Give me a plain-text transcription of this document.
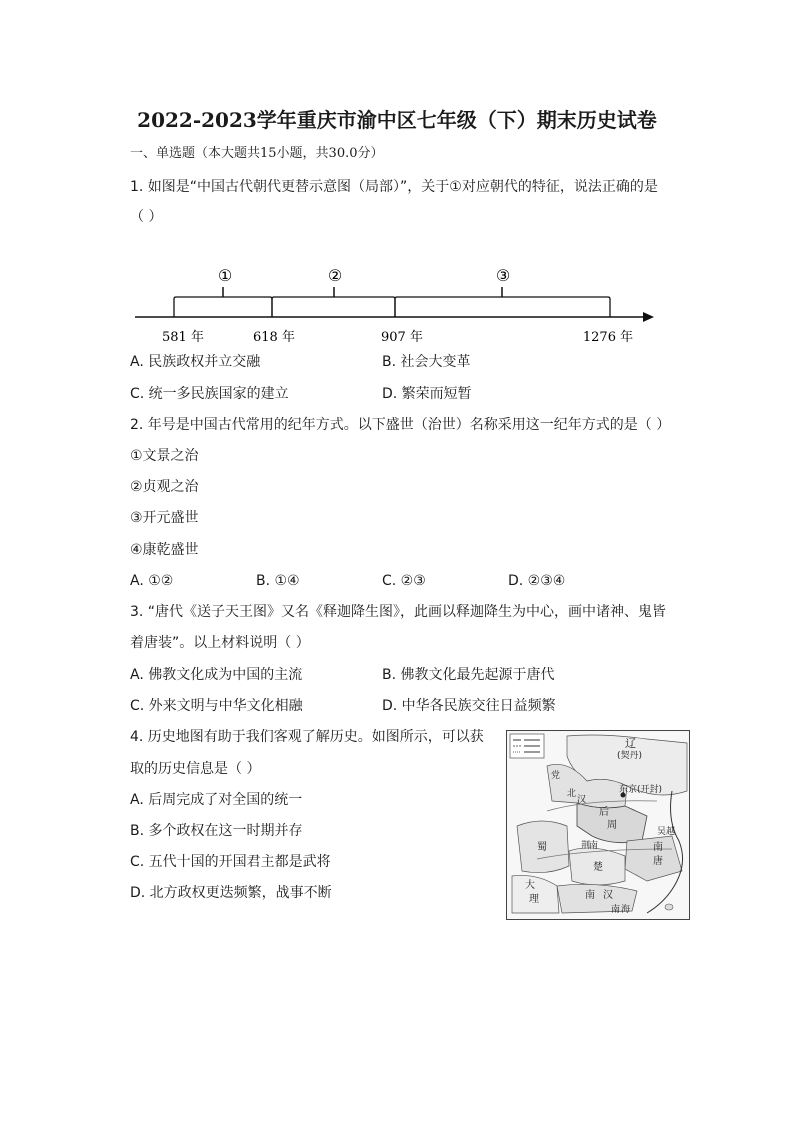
2022-2023学年重庆市渝中区七年级（下）期末历史试卷
一、单选题（本大题共15小题，共30.0分）
1. 如图是“中国古代朝代更替示意图（局部）”，关于①对应朝代的特征，说法正确的是
（ ）
①	②	③
581 年	618 年	907 年	1276 年
A. 民族政权并立交融	B. 社会大变革
C. 统一多民族国家的建立	D. 繁荣而短暂
2. 年号是中国古代常用的纪年方式。以下盛世（治世）名称采用这一纪年方式的是（ ）
①文景之治
②贞观之治
③开元盛世
④康乾盛世
A. ①②	B. ①④	C. ②③	D. ②③④
3. “唐代《送子天王图》又名《释迦降生图》，此画以释迦降生为中心，画中诸神、鬼皆
着唐装”。以上材料说明（ ）
A. 佛教文化成为中国的主流	B. 佛教文化最先起源于唐代
C. 外来文明与中华文化相融	D. 中华各民族交往日益频繁
4. 历史地图有助于我们客观了解历史。如图所示，可以获
取的历史信息是（ ）
A. 后周完成了对全国的统一
B. 多个政权在这一时期并存
C. 五代十国的开国君主都是武将
D. 北方政权更迭频繁，战事不断
辽
(契丹)
党
东京(开封)
后
周
北
汉
南
唐
楚
蜀
南 汉
大
理
吴越
荆
南
南 海
